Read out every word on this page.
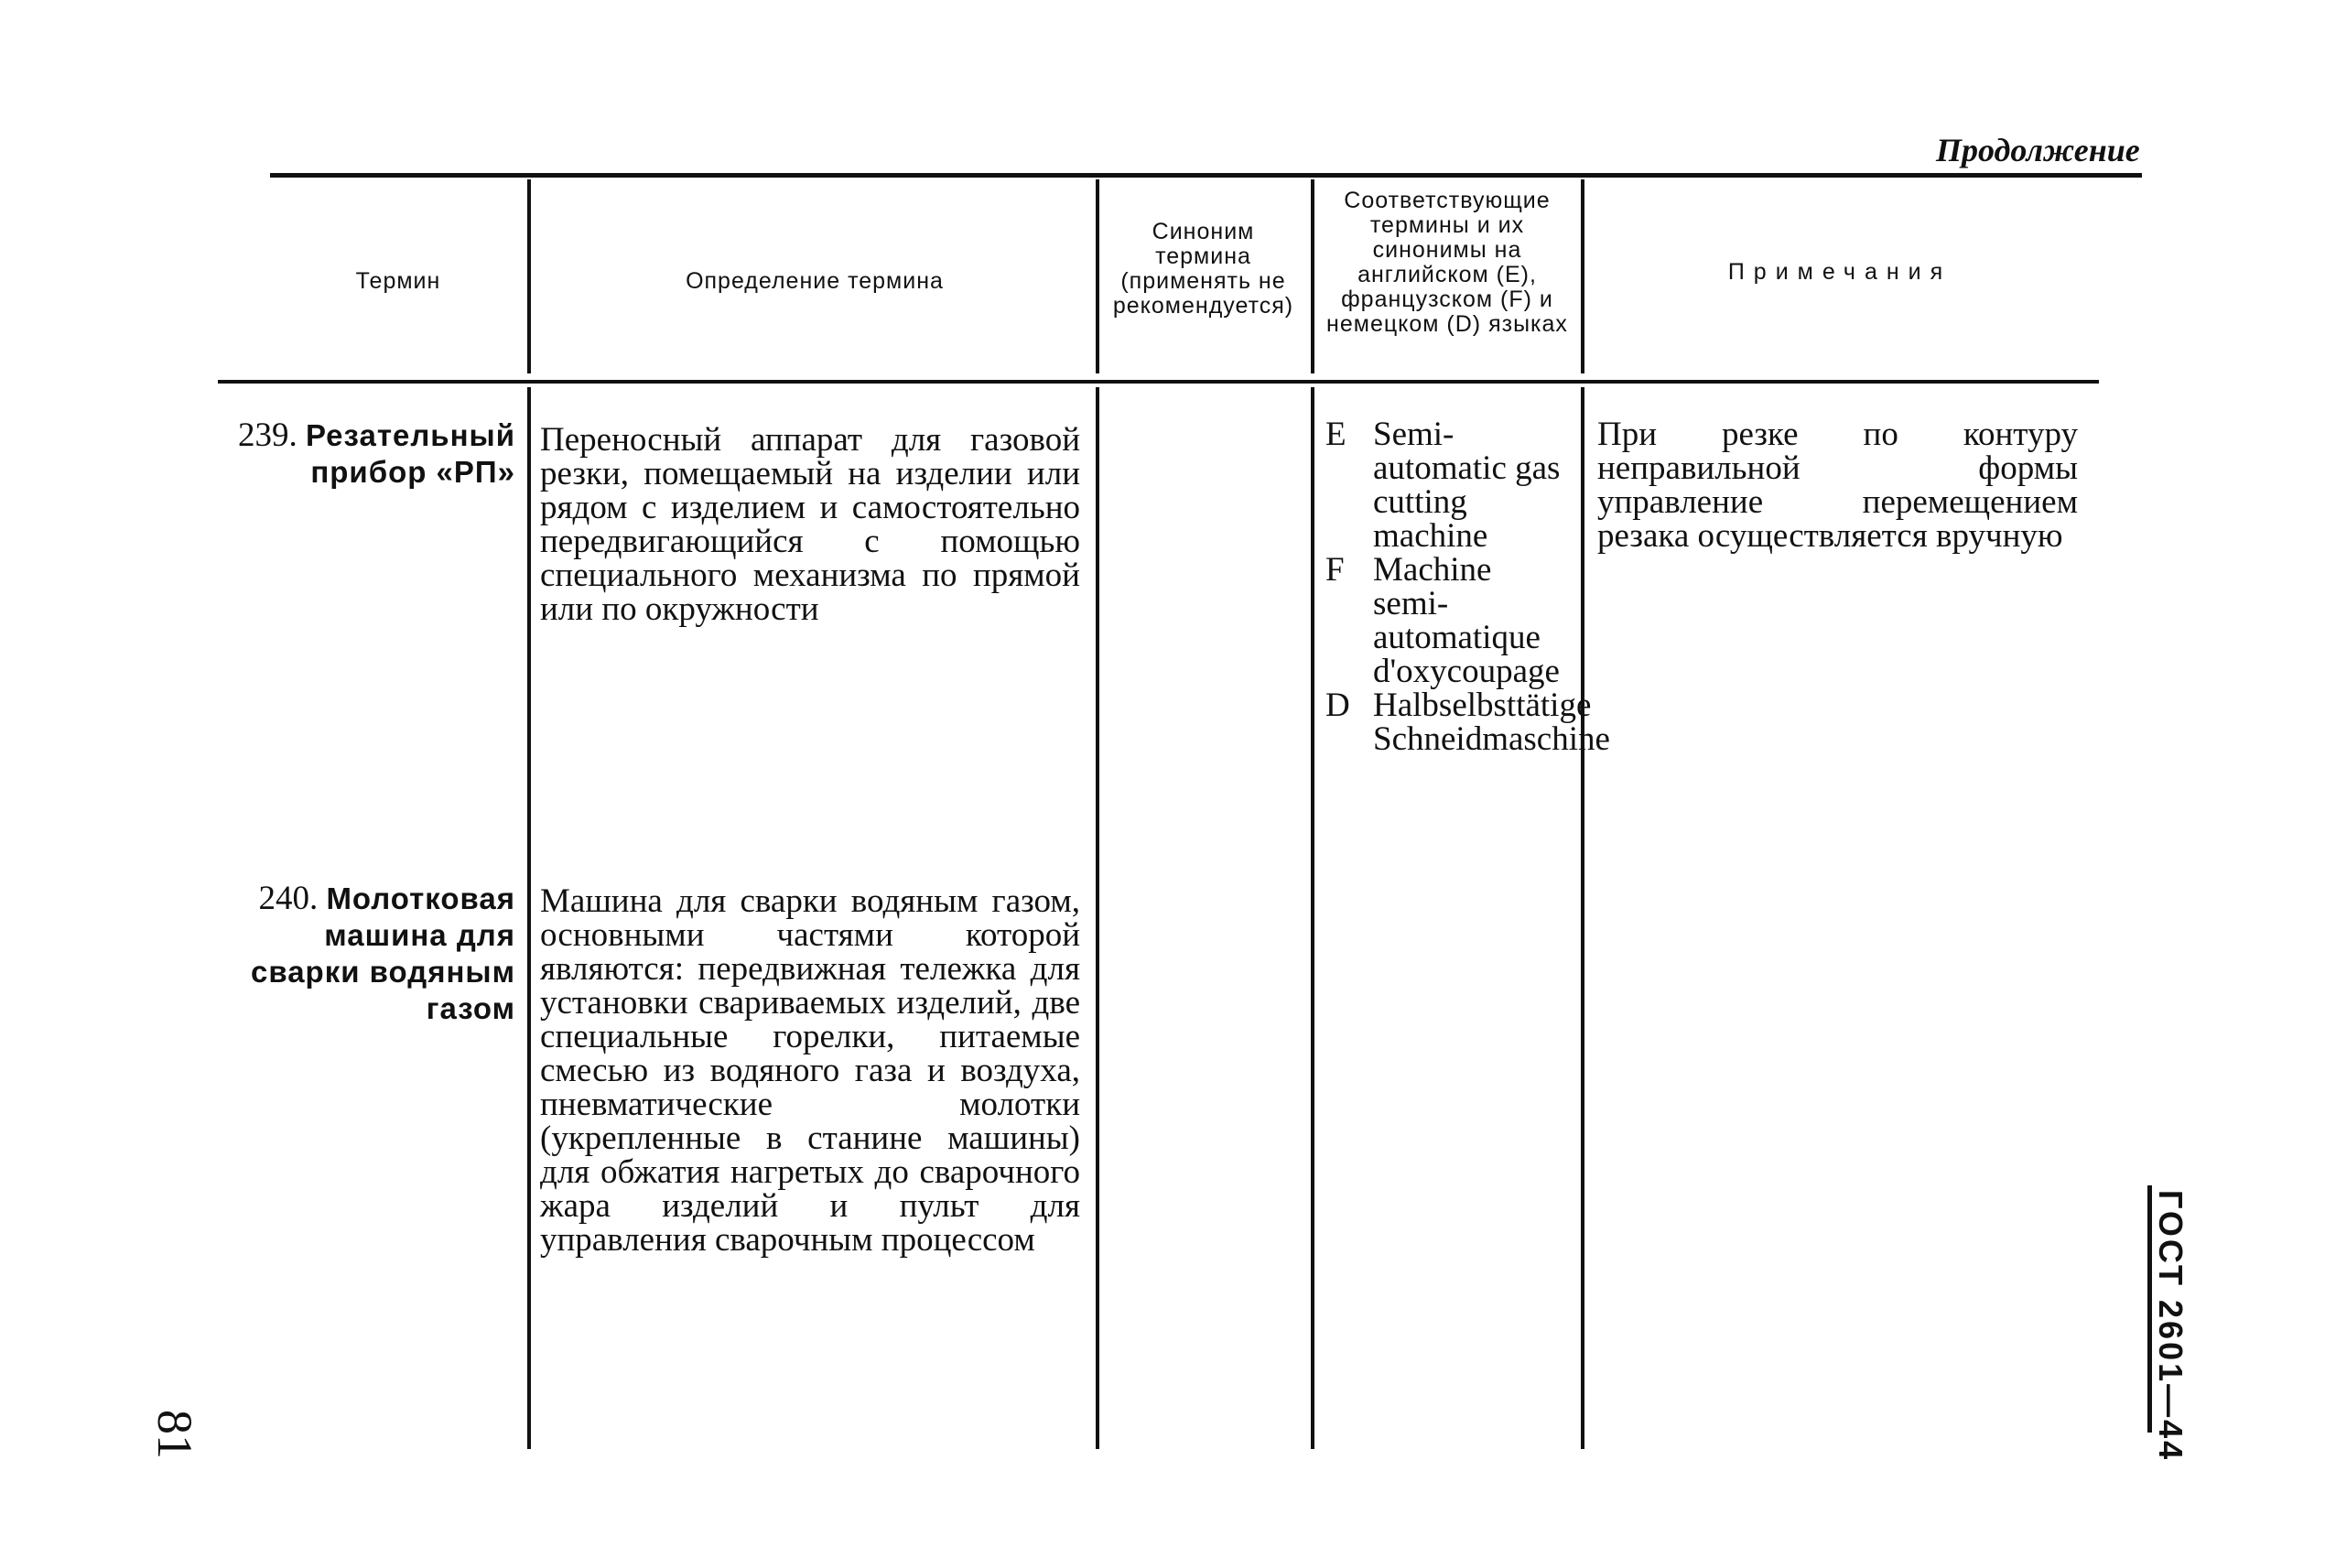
Продолжение
Термин	Определение термина
Синоним термина (применять не рекомендуется)
Соответствующие термины и их синонимы на английском (E), французском (F) и немецком (D) языках
Примечания
239. Резательный прибор «РП»
Переносный аппарат для газовой резки, помещаемый на изделии или рядом с изделием и самостоятельно передвигающийся с помощью специального механизма по прямой или по окружности
E Semi-automatic gas cutting machine
F Machine semi-automatique d'oxycoupage
D Halbselbsttätige Schneidmaschine
При резке по контуру неправильной формы управление перемещением резака осуществляется вручную
240. Молотковая машина для сварки водяным газом
Машина для сварки водяным газом, основными частями которой являются: передвижная тележка для установки свариваемых изделий, две специальные горелки, питаемые смесью из водяного газа и воздуха, пневматические молотки (укрепленные в станине машины) для обжатия нагретых до сварочного жара изделий и пульт для управления сварочным процессом	ГОСТ 2601—44
81
